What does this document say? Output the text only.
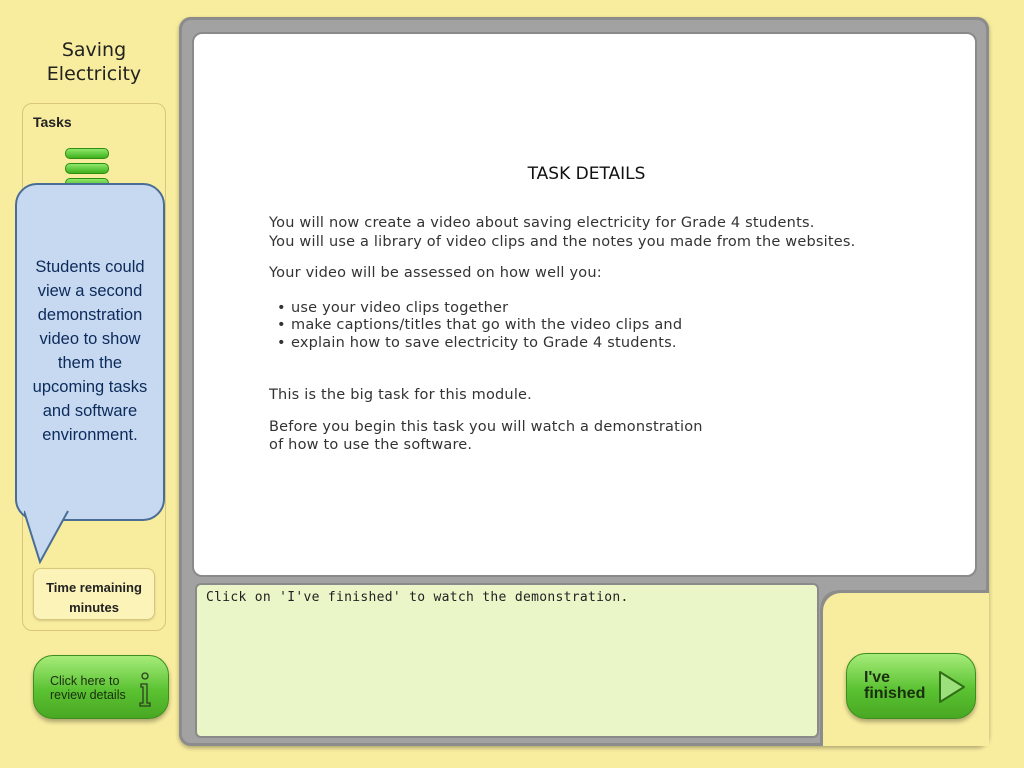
Saving
Electricity
Tasks
Time remaining
minutes
Students could
view a second
demonstration
video to show
them the
upcoming tasks
and software
environment.
Click here to
review details
TASK DETAILS

You will now create a video about saving electricity for Grade 4 students.
You will use a library of video clips and the notes you made from the websites.

Your video will be assessed on how well you:

• use your video clips together
• make captions/titles that go with the video clips and
• explain how to save electricity to Grade 4 students.

This is the big task for this module.

Before you begin this task you will watch a demonstration
of how to use the software.

Click on 'I've finished' to watch the demonstration.
I've
finished
